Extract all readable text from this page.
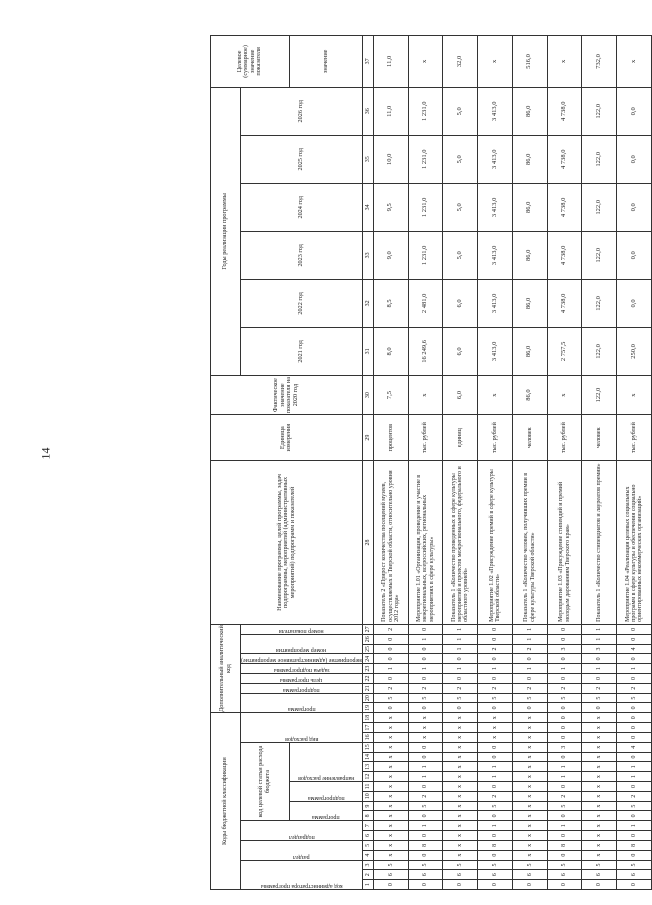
14
Коды бюджетной классификации																		Дополнительный аналитический код									Наименование программы, целей программы, задач подпрограммы, мероприятий (административных мероприятий) подпрограмм и показателей	Единица измерения	Фактическое значение показателя на 2020 год	Годы реализации программы						Целевое (суммарное) значение показателя

код администратора программы			раздел		подраздел		код целевой статьи расхода бюджета								вид расходов			программа		подпрограмма	цель программы	задача подпрограммы	мероприятие (административное мероприятие)	номер мероприятия		номер показателя				2021 год	2022 год	2023 год	2024 год	2025 год	2026 год	

							программа		подпрограмма		направление расходов																									значение
1	2	3	4	5	6	7	8	9	10	11	12	13	14	15	16	17	18	19	20	21	22	23	24	25	26	27	28	29	30	31	32	33	34	35	36	37
0	6	5	x	x	x	x	x	x	x	x	x	x	x	x	x	x	x	0	5	2	0	1	0	0	0	2	Показатель 2 «Прирост количества посещений музеев, осуществляемых в Тверской области, относительно уровня 2012 года»	процентов	7,5	8,0	8,5	9,0	9,5	10,0	11,0	11,0
0	6	5	0	8	0	1	0	5	2	0	1	1	0	0	x	x	x	0	5	2	0	1	0	0	1	0	Мероприятие 1.01 «Организация, проведение и участие в межрегиональных, всероссийских, региональных мероприятиях в сфере культуры»	тыс. рублей	х	16 249,6	2 481,0	1 231,0	1 231,0	1 231,0	1 231,0	х
0	6	5	x	x	x	x	x	x	x	x	x	x	x	x	x	x	x	0	5	2	0	1	0	1	1	1	Показатель 1 «Количество проведенных в сфере культуры мероприятий и проектов межрегионального, федерального и областного уровней»	единиц	6,0	6,0	6,0	5,0	5,0	5,0	5,0	32,0
0	6	5	0	8	0	1	0	5	2	0	1	1	0	0	x	x	x	0	5	2	0	1	0	2	0	0	Мероприятие 1.02 «Присуждение премий в сфере культуры Тверской области»	тыс. рублей	х	3 413,0	3 413,0	3 413,0	3 413,0	3 413,0	3 413,0	х
0	6	5	x	x	x	x	x	x	x	x	x	x	x	x	x	x	x	0	5	2	0	1	0	2	1	1	Показатель 1 «Количество человек, получивших премии в сфере культуры Тверской области»	человек	86,0	86,0	86,0	86,0	86,0	86,0	86,0	516,0
0	6	5	0	8	0	1	0	5	2	0	1	1	0	3	0	0	0	0	5	2	0	1	0	3	0	0	Мероприятие 1.03 «Присуждение стипендий и премий молодым дарованиям Тверского края»	тыс. рублей	х	2 757,5	4 738,0	4 738,0	4 738,0	4 738,0	4 738,0	х
0	6	5	x	x	x	x	x	x	x	x	x	x	x	x	x	x	x	0	5	2	0	1	0	3	1	1	Показатель 1 «Количество стипендиатов и лауреатов премии»	человек	122,0	122,0	122,0	122,0	122,0	122,0	122,0	732,0
0	6	5	0	8	0	1	0	5	2	0	1	1	0	4	0	0	0	0	5	2	0	1	0	4	0	0	Мероприятие 1.04 «Реализация целевых социальных программ в сфере культуры и обеспечения социально ориентированных некоммерческих организаций»	тыс. рублей	х	250,0	0,0	0,0	0,0	0,0	0,0	х
